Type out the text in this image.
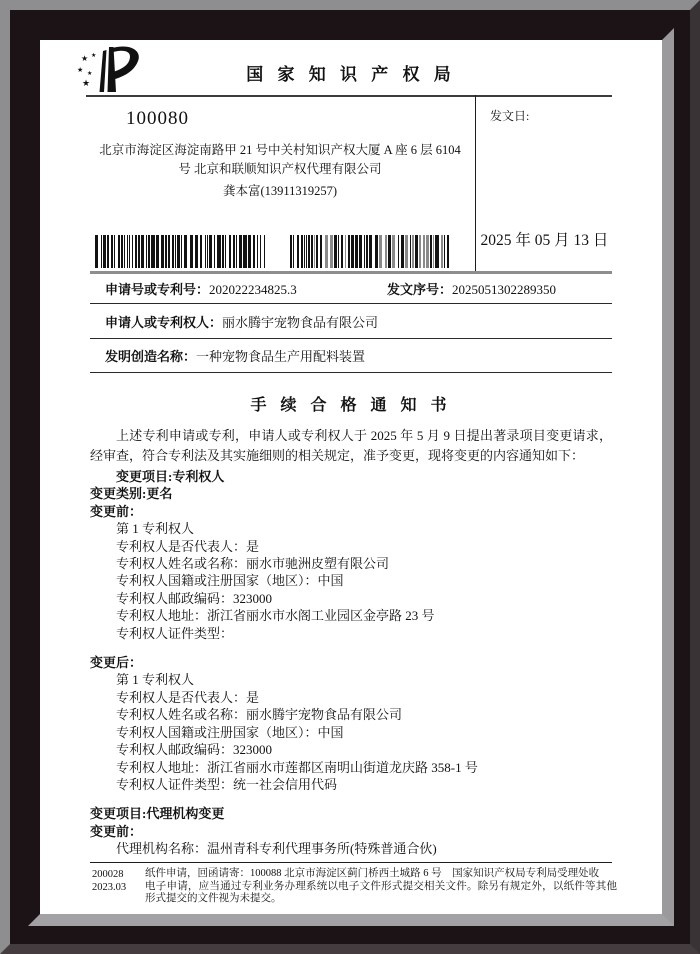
★ ★
★ ★
★	国 家 知 识 产 权 局
100080
北京市海淀区海淀南路甲 21 号中关村知识产权大厦 A 座 6 层 6104
号 北京和联顺知识产权代理有限公司
龚本富(13911319257)
发文日:
2025 年 05 月 13 日
申请号或专利号：202022234825.3	发文序号：2025051302289350
申请人或专利权人：丽水腾宇宠物食品有限公司
发明创造名称：一种宠物食品生产用配料装置
手 续 合 格 通 知 书

上述专利申请或专利，申请人或专利权人于 2025 年 5 月 9 日提出著录项目变更请求，经审查，符合专利法及其实施细则的相关规定，准予变更，现将变更的内容通知如下：

变更项目:专利权人
变更类别:更名
变更前：
第 1 专利权人
专利权人是否代表人：是
专利权人姓名或名称：丽水市驰洲皮塑有限公司
专利权人国籍或注册国家（地区）：中国
专利权人邮政编码：323000
专利权人地址：浙江省丽水市水阁工业园区金亭路 23 号
专利权人证件类型：
变更后：
第 1 专利权人
专利权人是否代表人：是
专利权人姓名或名称：丽水腾宇宠物食品有限公司
专利权人国籍或注册国家（地区）：中国
专利权人邮政编码：323000
专利权人地址：浙江省丽水市莲都区南明山街道龙庆路 358-1 号
专利权人证件类型：统一社会信用代码
变更项目:代理机构变更
变更前：
代理机构名称：温州青科专利代理事务所(特殊普通合伙)
200028
2023.03
纸件申请，回函请寄：100088 北京市海淀区蓟门桥西土城路 6 号　国家知识产权局专利局受理处收
电子申请，应当通过专利业务办理系统以电子文件形式提交相关文件。除另有规定外，以纸件等其他形式提交的文件视为未提交。
